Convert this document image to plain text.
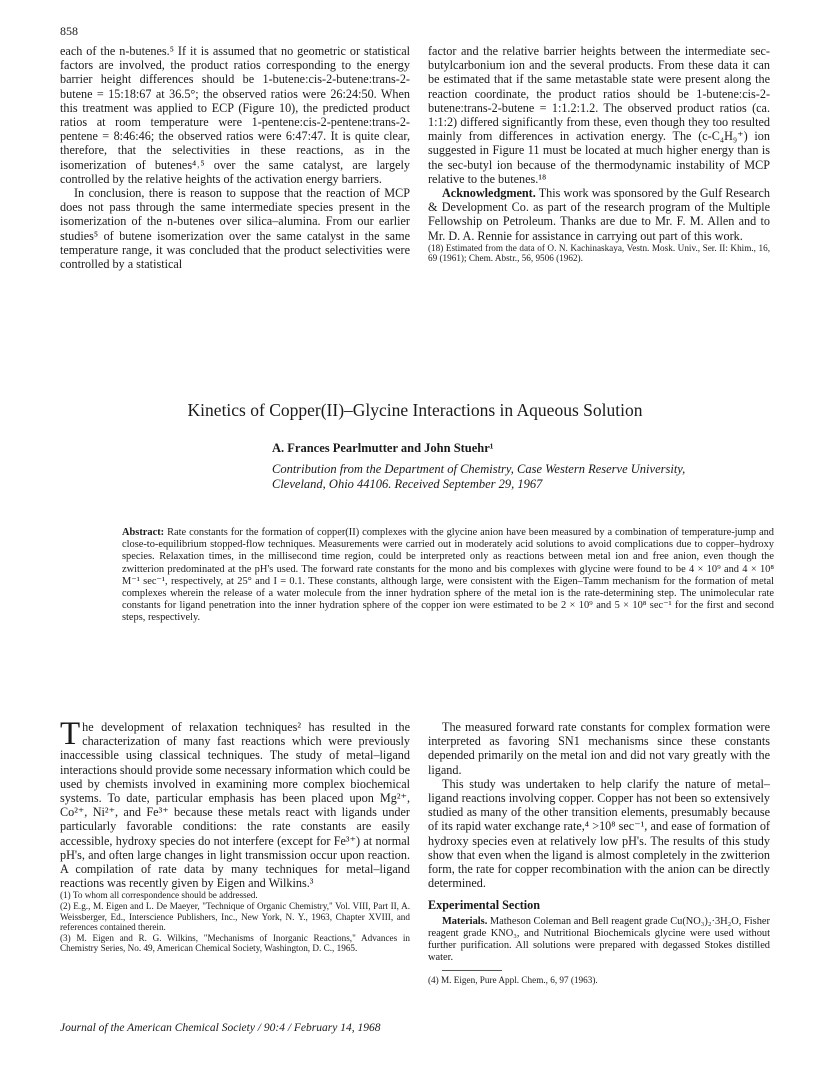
858

each of the n-butenes.⁵ If it is assumed that no geometric or statistical factors are involved, the product ratios corresponding to the energy barrier height differences should be 1-butene:cis-2-butene:trans-2-butene = 15:18:67 at 36.5°; the observed ratios were 26:24:50. When this treatment was applied to ECP (Figure 10), the predicted product ratios at room temperature were 1-pentene:cis-2-pentene:trans-2-pentene = 8:46:46; the observed ratios were 6:47:47. It is quite clear, therefore, that the selectivities in these reactions, as in the isomerization of butenes⁴˒⁵ over the same catalyst, are largely controlled by the relative heights of the activation energy barriers.

In conclusion, there is reason to suppose that the reaction of MCP does not pass through the same intermediate species present in the isomerization of the n-butenes over silica–alumina. From our earlier studies⁵ of butene isomerization over the same catalyst in the same temperature range, it was concluded that the product selectivities were controlled by a statistical

factor and the relative barrier heights between the intermediate sec-butylcarbonium ion and the several products. From these data it can be estimated that if the same metastable state were present along the reaction coordinate, the product ratios should be 1-butene:cis-2-butene:trans-2-butene = 1:1.2:1.2. The observed product ratios (ca. 1:1:2) differed significantly from these, even though they too resulted mainly from differences in activation energy. The (c-C₄H₉⁺) ion suggested in Figure 11 must be located at much higher energy than is the sec-butyl ion because of the thermodynamic instability of MCP relative to the butenes.¹⁸

Acknowledgment. This work was sponsored by the Gulf Research & Development Co. as part of the research program of the Multiple Fellowship on Petroleum. Thanks are due to Mr. F. M. Allen and to Mr. D. A. Rennie for assistance in carrying out part of this work.

(18) Estimated from the data of O. N. Kachinaskaya, Vestn. Mosk. Univ., Ser. II: Khim., 16, 69 (1961); Chem. Abstr., 56, 9506 (1962).

Kinetics of Copper(II)–Glycine Interactions in Aqueous Solution
A. Frances Pearlmutter and John Stuehr¹
Contribution from the Department of Chemistry, Case Western Reserve University,
Cleveland, Ohio 44106. Received September 29, 1967
Abstract: Rate constants for the formation of copper(II) complexes with the glycine anion have been measured by a combination of temperature-jump and close-to-equilibrium stopped-flow techniques. Measurements were carried out in moderately acid solutions to avoid complications due to copper–hydroxy species. Relaxation times, in the millisecond time region, could be interpreted only as reactions between metal ion and free anion, even though the zwitterion predominated at the pH's used. The forward rate constants for the mono and bis complexes with glycine were found to be 4 × 10⁹ and 4 × 10⁸ M⁻¹ sec⁻¹, respectively, at 25° and I = 0.1. These constants, although large, were consistent with the Eigen–Tamm mechanism for the formation of metal complexes wherein the release of a water molecule from the inner hydration sphere of the metal ion is the rate-determining step. The unimolecular rate constants for ligand penetration into the inner hydration sphere of the copper ion were estimated to be 2 × 10⁹ and 5 × 10⁸ sec⁻¹ for the first and second steps, respectively.

The development of relaxation techniques² has resulted in the characterization of many fast reactions which were previously inaccessible using classical techniques. The study of metal–ligand interactions should provide some necessary information which could be used by chemists involved in examining more complex biochemical systems. To date, particular emphasis has been placed upon Mg²⁺, Co²⁺, Ni²⁺, and Fe³⁺ because these metals react with ligands under particularly favorable conditions: the rate constants are easily accessible, hydroxy species do not interfere (except for Fe³⁺) at normal pH's, and often large changes in light transmission occur upon reaction. A compilation of rate data by many techniques for metal–ligand reactions was recently given by Eigen and Wilkins.³

(1) To whom all correspondence should be addressed.

(2) E.g., M. Eigen and L. De Maeyer, "Technique of Organic Chemistry," Vol. VIII, Part II, A. Weissberger, Ed., Interscience Publishers, Inc., New York, N. Y., 1963, Chapter XVIII, and references contained therein.

(3) M. Eigen and R. G. Wilkins, "Mechanisms of Inorganic Reactions," Advances in Chemistry Series, No. 49, American Chemical Society, Washington, D. C., 1965.

The measured forward rate constants for complex formation were interpreted as favoring SN1 mechanisms since these constants depended primarily on the metal ion and did not vary greatly with the ligand.

This study was undertaken to help clarify the nature of metal–ligand reactions involving copper. Copper has not been so extensively studied as many of the other transition elements, presumably because of its rapid water exchange rate,⁴ >10⁸ sec⁻¹, and ease of formation of hydroxy species even at relatively low pH's. The results of this study show that even when the ligand is almost completely in the zwitterion form, the rate for copper recombination with the anion can be directly determined.

Experimental Section

Materials. Matheson Coleman and Bell reagent grade Cu(NO₃)₂·3H₂O, Fisher reagent grade KNO₃, and Nutritional Biochemicals glycine were used without further purification. All solutions were prepared with degassed Stokes distilled water.

(4) M. Eigen, Pure Appl. Chem., 6, 97 (1963).

Journal of the American Chemical Society / 90:4 / February 14, 1968
